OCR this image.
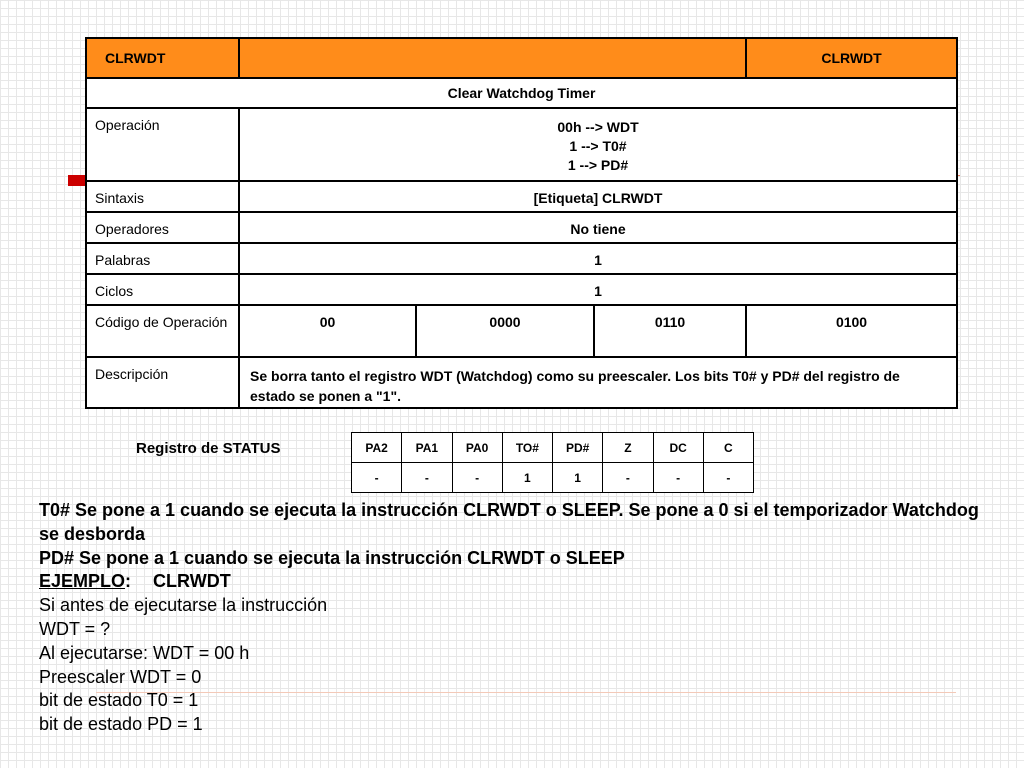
CLRWDT				CLRWDT
Clear Watchdog Timer				
Operación	00h --> WDT
1 --> T0#
1 --> PD#			

Sintaxis	[Etiqueta] CLRWDT			
Operadores	No tiene			
Palabras	1			
Ciclos	1			
Código de Operación	00	0000	0110	0100
Descripción	Se borra tanto el registro WDT (Watchdog) como su preescaler. Los bits T0# y PD# del registro de estado se ponen a "1".			
Registro de STATUS	PA2	PA1	PA0	TO#	PD#	Z	DC	C
-	-	-	1	1	-	-	-
T0# Se pone a 1 cuando se ejecuta la instrucción CLRWDT o SLEEP. Se pone a 0 si el temporizador Watchdog se desborda
PD# Se pone a 1 cuando se ejecuta la instrucción CLRWDT o SLEEP
EJEMPLO: CLRWDT
Si antes de ejecutarse la instrucción
WDT = ?
Al ejecutarse: WDT = 00 h
Preescaler WDT = 0
bit de estado T0 = 1
bit de estado PD = 1
